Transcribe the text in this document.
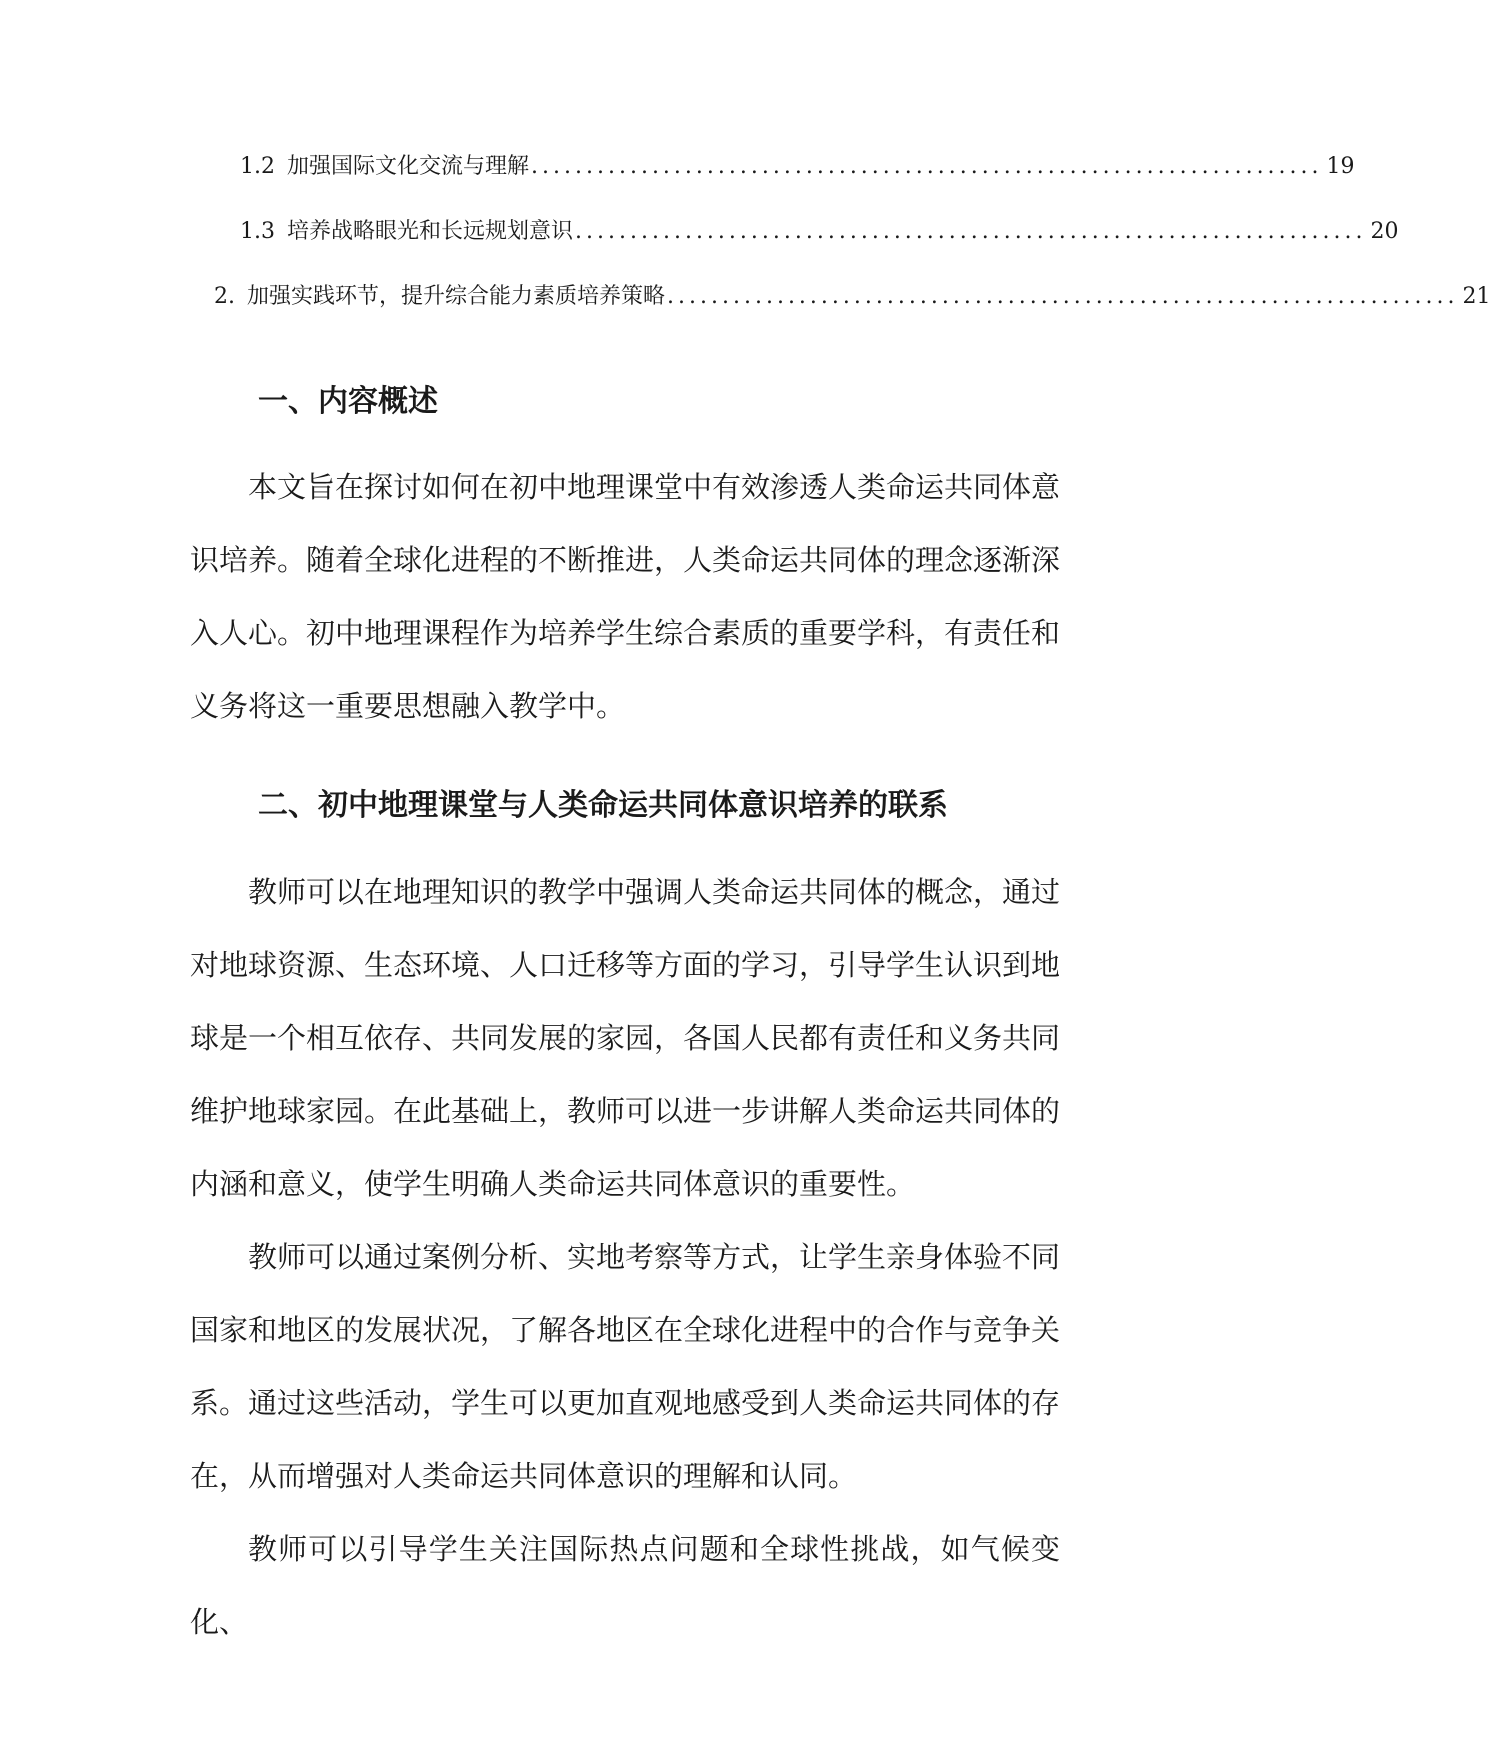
1.2 加强国际文化交流与理解 ........................................................................ 19
1.3 培养战略眼光和长远规划意识 ........................................................................ 20
2. 加强实践环节，提升综合能力素质培养策略 ........................................................................ 21
一、内容概述

本文旨在探讨如何在初中地理课堂中有效渗透人类命运共同体意识培养。随着全球化进程的不断推进，人类命运共同体的理念逐渐深入人心。初中地理课程作为培养学生综合素质的重要学科，有责任和义务将这一重要思想融入教学中。

二、初中地理课堂与人类命运共同体意识培养的联系

教师可以在地理知识的教学中强调人类命运共同体的概念，通过对地球资源、生态环境、人口迁移等方面的学习，引导学生认识到地球是一个相互依存、共同发展的家园，各国人民都有责任和义务共同维护地球家园。在此基础上，教师可以进一步讲解人类命运共同体的内涵和意义，使学生明确人类命运共同体意识的重要性。

教师可以通过案例分析、实地考察等方式，让学生亲身体验不同国家和地区的发展状况，了解各地区在全球化进程中的合作与竞争关系。通过这些活动，学生可以更加直观地感受到人类命运共同体的存在，从而增强对人类命运共同体意识的理解和认同。

教师可以引导学生关注国际热点问题和全球性挑战，如气候变化、
